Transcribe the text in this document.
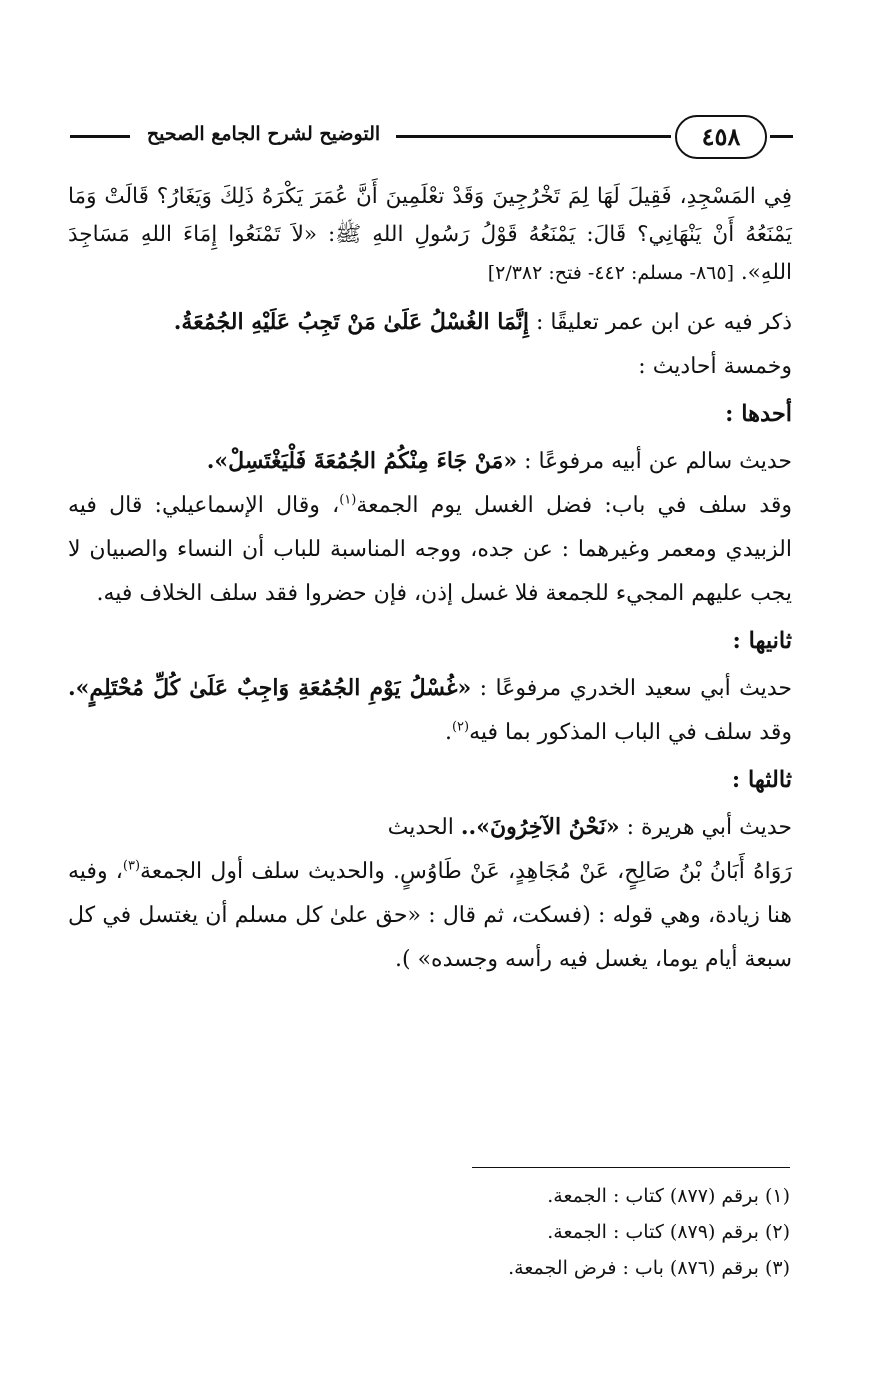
التوضيح لشرح الجامع الصحيح	٤٥٨

فِي المَسْجِدِ، فَقِيلَ لَهَا لِمَ تَخْرُجِينَ وَقَدْ تعْلَمِينَ أَنَّ عُمَرَ يَكْرَهُ ذَلِكَ وَيَغَارُ؟ قَالَتْ وَمَا يَمْنَعُهُ أَنْ يَنْهَانِي؟ قَالَ: يَمْنَعُهُ قَوْلُ رَسُولِ اللهِ ﷺ: «لاَ تَمْنَعُوا إِمَاءَ اللهِ مَسَاجِدَ اللهِ». [٨٦٥- مسلم: ٤٤٢- فتح: ٢/٣٨٢]

ذكر فيه عن ابن عمر تعليقًا : إِنَّمَا الغُسْلُ عَلَىٰ مَنْ تَجِبُ عَلَيْهِ الجُمُعَةُ.
وخمسة أحاديث :

أحدها :

حديث سالم عن أبيه مرفوعًا : «مَنْ جَاءَ مِنْكُمُ الجُمُعَةَ فَلْيَغْتَسِلْ».

وقد سلف في باب: فضل الغسل يوم الجمعة$^{(١)}$، وقال الإسماعيلي: قال فيه الزبيدي ومعمر وغيرهما : عن جده، ووجه المناسبة للباب أن النساء والصبيان لا يجب عليهم المجيء للجمعة فلا غسل إذن، فإن حضروا فقد سلف الخلاف فيه.

ثانيها :

حديث أبي سعيد الخدري مرفوعًا : «غُسْلُ يَوْمِ الجُمُعَةِ وَاجِبٌ عَلَىٰ كُلِّ مُحْتَلِمٍ». وقد سلف في الباب المذكور بما فيه$^{(٢)}$.

ثالثها :

حديث أبي هريرة : «نَحْنُ الآخِرُونَ».. الحديث

رَوَاهُ أَبَانُ بْنُ صَالِحٍ، عَنْ مُجَاهِدٍ، عَنْ طَاوُسٍ. والحديث سلف أول الجمعة$^{(٣)}$، وفيه هنا زيادة، وهي قوله : (فسكت، ثم قال : «حق علىٰ كل مسلم أن يغتسل في كل سبعة أيام يوما، يغسل فيه رأسه وجسده» ).

(١) برقم (٨٧٧) كتاب : الجمعة.

(٢) برقم (٨٧٩) كتاب : الجمعة.

(٣) برقم (٨٧٦) باب : فرض الجمعة.
